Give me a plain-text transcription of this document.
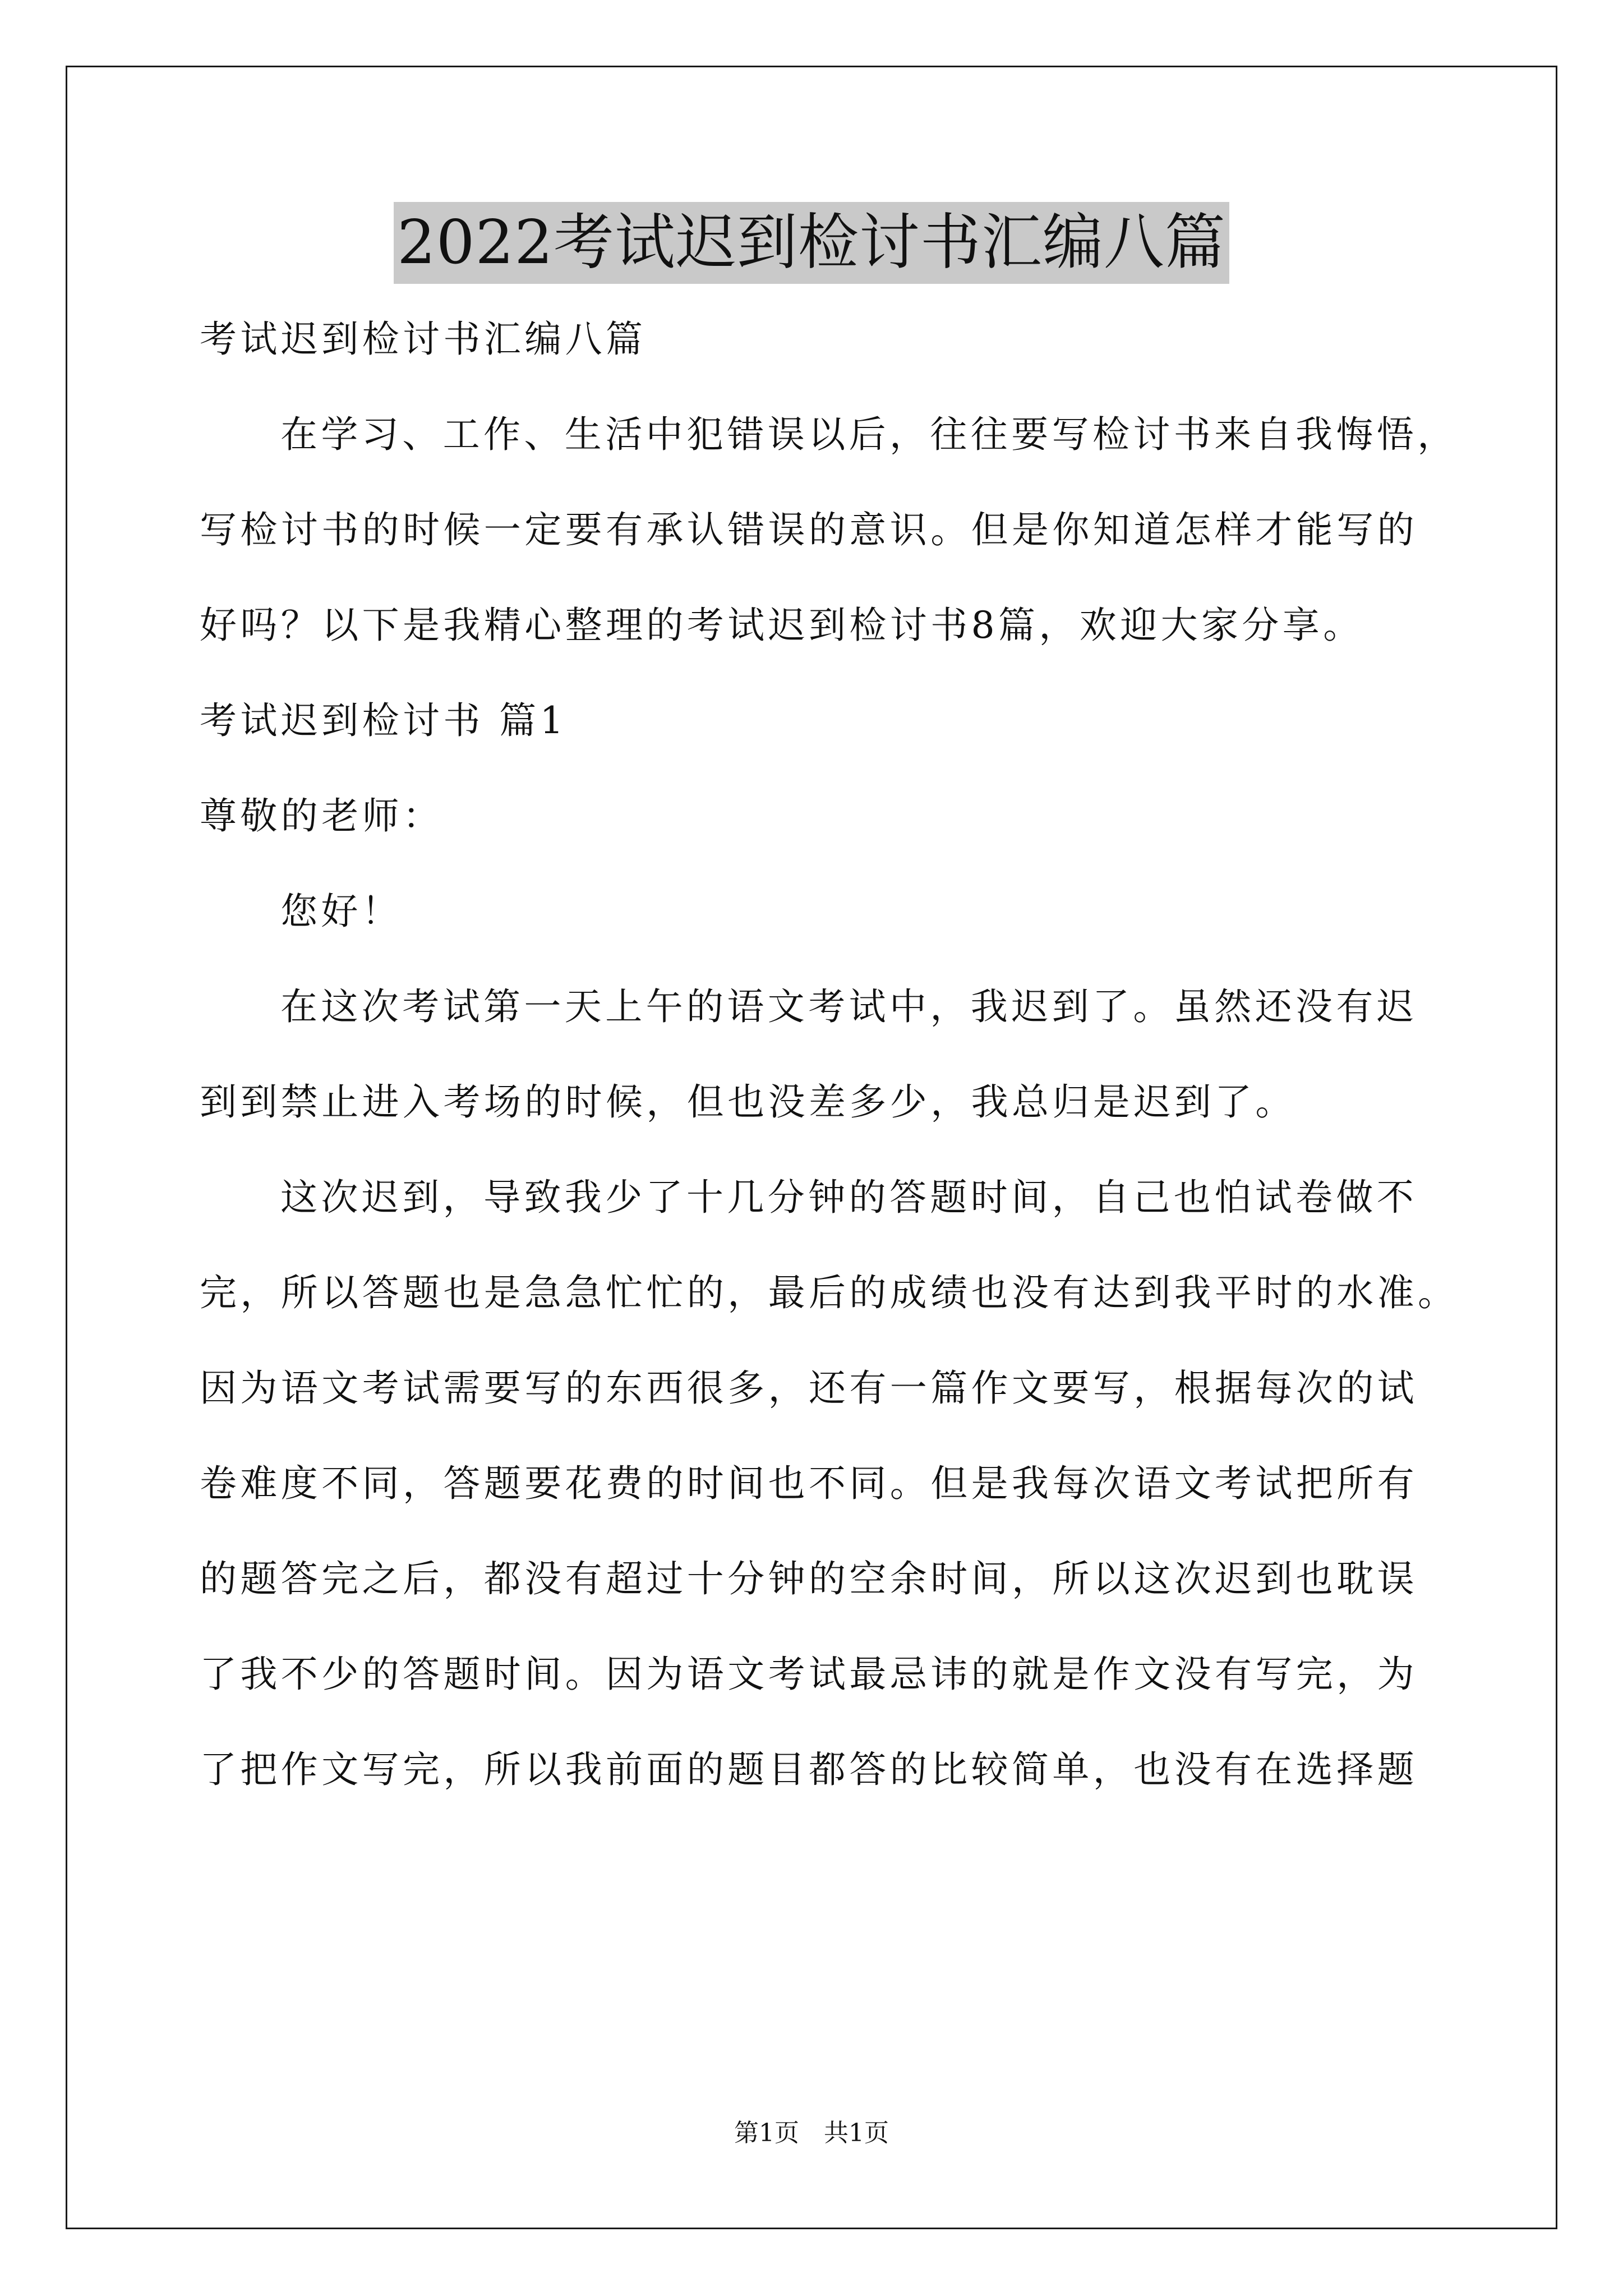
2022考试迟到检讨书汇编八篇
考试迟到检讨书汇编八篇
在学习、工作、生活中犯错误以后，往往要写检讨书来自我悔悟，
写检讨书的时候一定要有承认错误的意识。但是你知道怎样才能写的
好吗？以下是我精心整理的考试迟到检讨书8篇，欢迎大家分享。
考试迟到检讨书 篇1
尊敬的老师：
您好！
在这次考试第一天上午的语文考试中，我迟到了。虽然还没有迟
到到禁止进入考场的时候，但也没差多少，我总归是迟到了。
这次迟到，导致我少了十几分钟的答题时间，自己也怕试卷做不
完，所以答题也是急急忙忙的，最后的成绩也没有达到我平时的水准。
因为语文考试需要写的东西很多，还有一篇作文要写，根据每次的试
卷难度不同，答题要花费的时间也不同。但是我每次语文考试把所有
的题答完之后，都没有超过十分钟的空余时间，所以这次迟到也耽误
了我不少的答题时间。因为语文考试最忌讳的就是作文没有写完，为
了把作文写完，所以我前面的题目都答的比较简单，也没有在选择题
第1页　共1页
